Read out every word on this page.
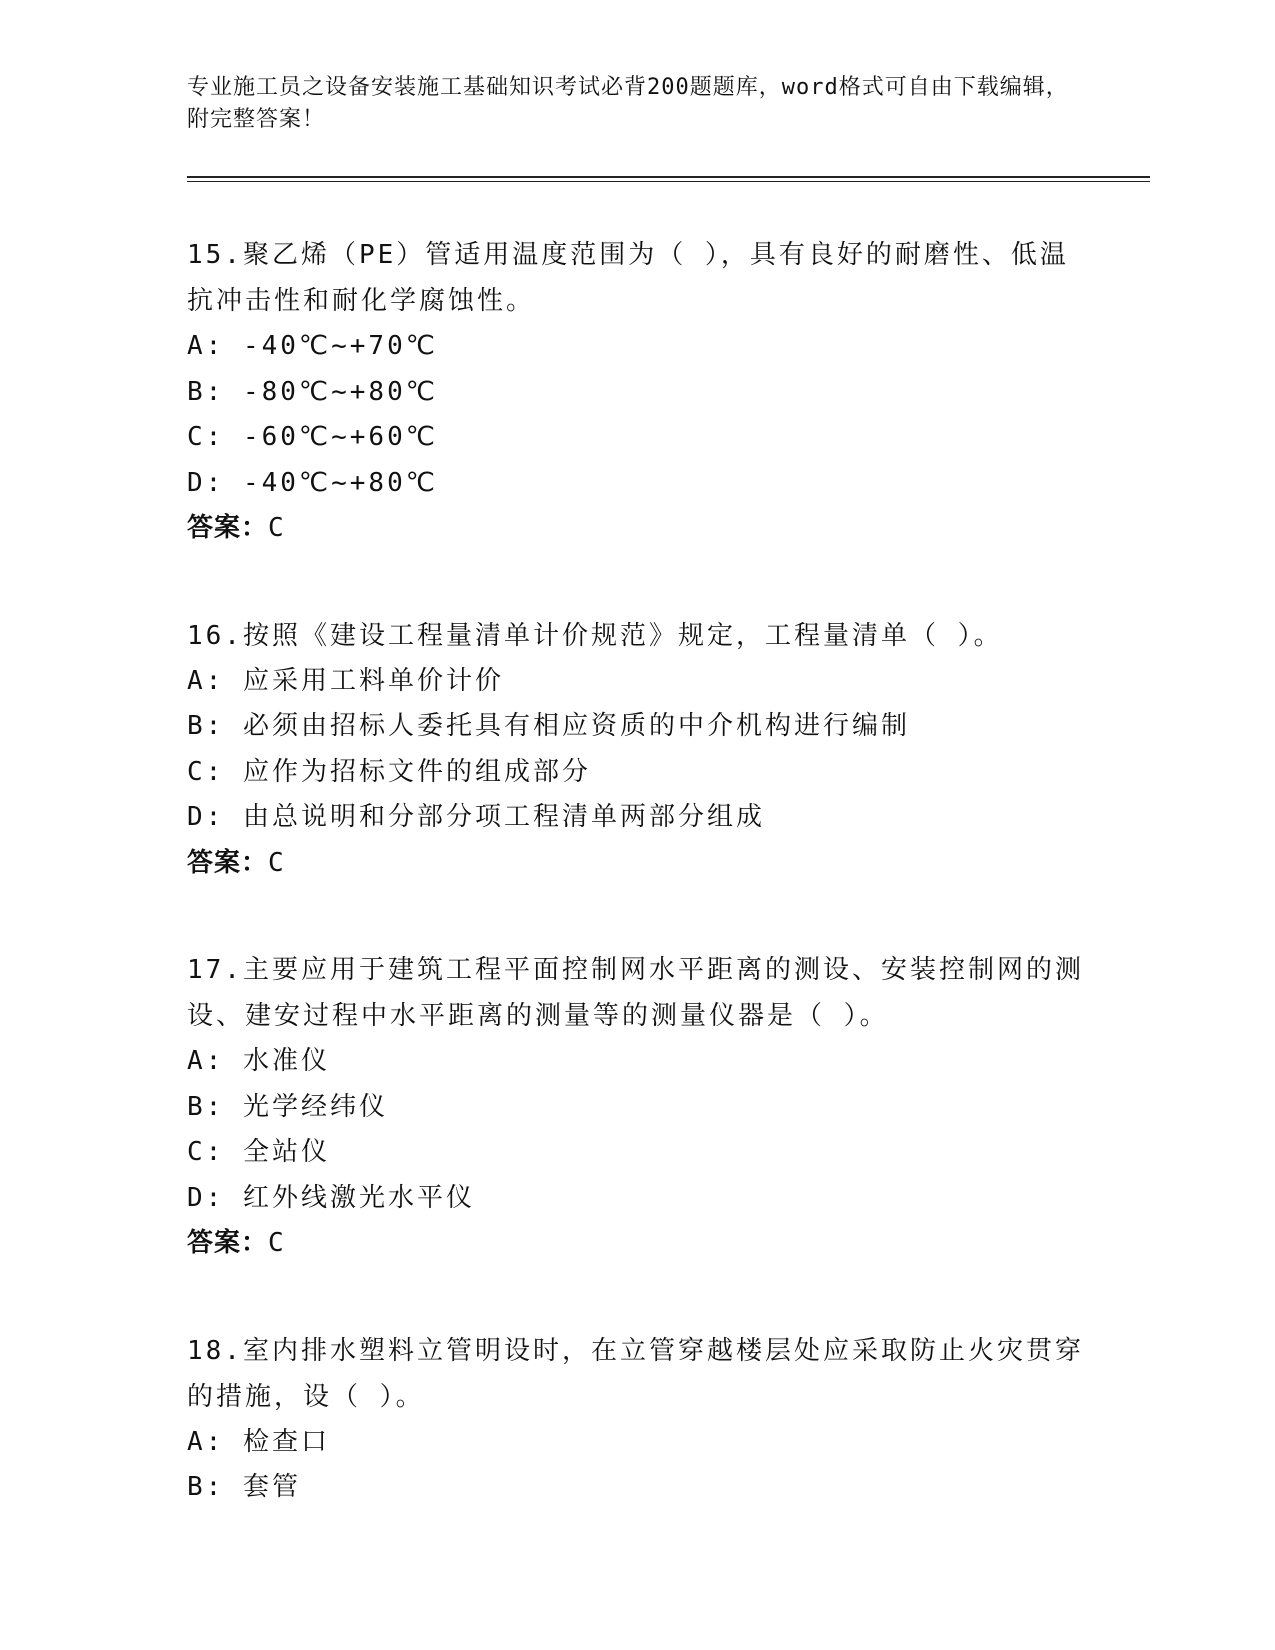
专业施工员之设备安装施工基础知识考试必背200题题库，word格式可自由下载编辑，附完整答案！
15.聚乙烯（PE）管适用温度范围为（ ），具有良好的耐磨性、低温抗冲击性和耐化学腐蚀性。
A: -40℃~+70℃
B: -80℃~+80℃
C: -60℃~+60℃
D: -40℃~+80℃
答案：C
16.按照《建设工程量清单计价规范》规定，工程量清单（ ）。
A: 应采用工料单价计价
B: 必须由招标人委托具有相应资质的中介机构进行编制
C: 应作为招标文件的组成部分
D: 由总说明和分部分项工程清单两部分组成
答案：C
17.主要应用于建筑工程平面控制网水平距离的测设、安装控制网的测设、建安过程中水平距离的测量等的测量仪器是（ ）。
A: 水准仪
B: 光学经纬仪
C: 全站仪
D: 红外线激光水平仪
答案：C
18.室内排水塑料立管明设时，在立管穿越楼层处应采取防止火灾贯穿的措施，设（ ）。
A: 检查口
B: 套管
